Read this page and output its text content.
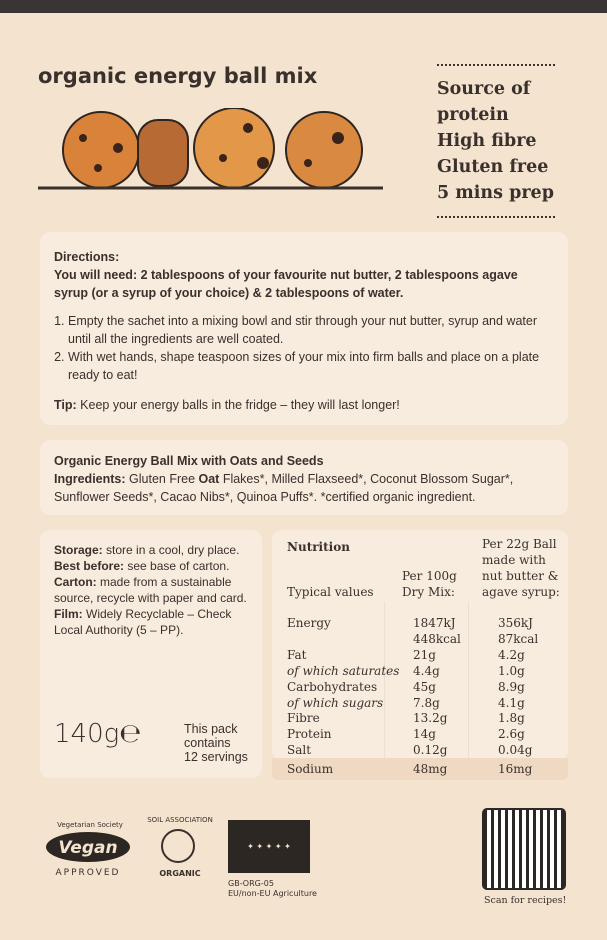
organic energy ball mix
Source of protein
High fibre
Gluten free
5 mins prep
Directions:
You will need: 2 tablespoons of your favourite nut butter, 2 tablespoons agave syrup (or a syrup of your choice) & 2 tablespoons of water.
1. Empty the sachet into a mixing bowl and stir through your nut butter, syrup and water until all the ingredients are well coated.
2. With wet hands, shape teaspoon sizes of your mix into firm balls and place on a plate ready to eat!
Tip: Keep your energy balls in the fridge – they will last longer!
Organic Energy Ball Mix with Oats and Seeds
Ingredients: Gluten Free Oat Flakes*, Milled Flaxseed*, Coconut Blossom Sugar*, Sunflower Seeds*, Cacao Nibs*, Quinoa Puffs*. *certified organic ingredient.
Storage: store in a cool, dry place.
Best before: see base of carton.
Carton: made from a sustainable source, recycle with paper and card.
Film: Widely Recyclable – Check Local Authority (5 – PP).
140g℮	This pack
contains
12 servings
Nutrition
Typical values
Per 100g
Dry Mix:
Per 22g Ball
made with
nut butter &
agave syrup:
Energy	1847kJ	356kJ
448kcal	87kcal
Fat	21g	4.2g
of which saturates 4.4g	1.0g
Carbohydrates	45g	8.9g
of which sugars 7.8g	4.1g
Fibre	13.2g	1.8g
Protein	14g	2.6g
Salt	0.12g	0.04g
Sodium	48mg	16mg
Vegetarian Society
Vegan
APPROVED
SOIL ASSOCIATION
ORGANIC
✦ ✦ ✦ ✦ ✦
GB-ORG-05
EU/non-EU Agriculture
Scan for recipes!
